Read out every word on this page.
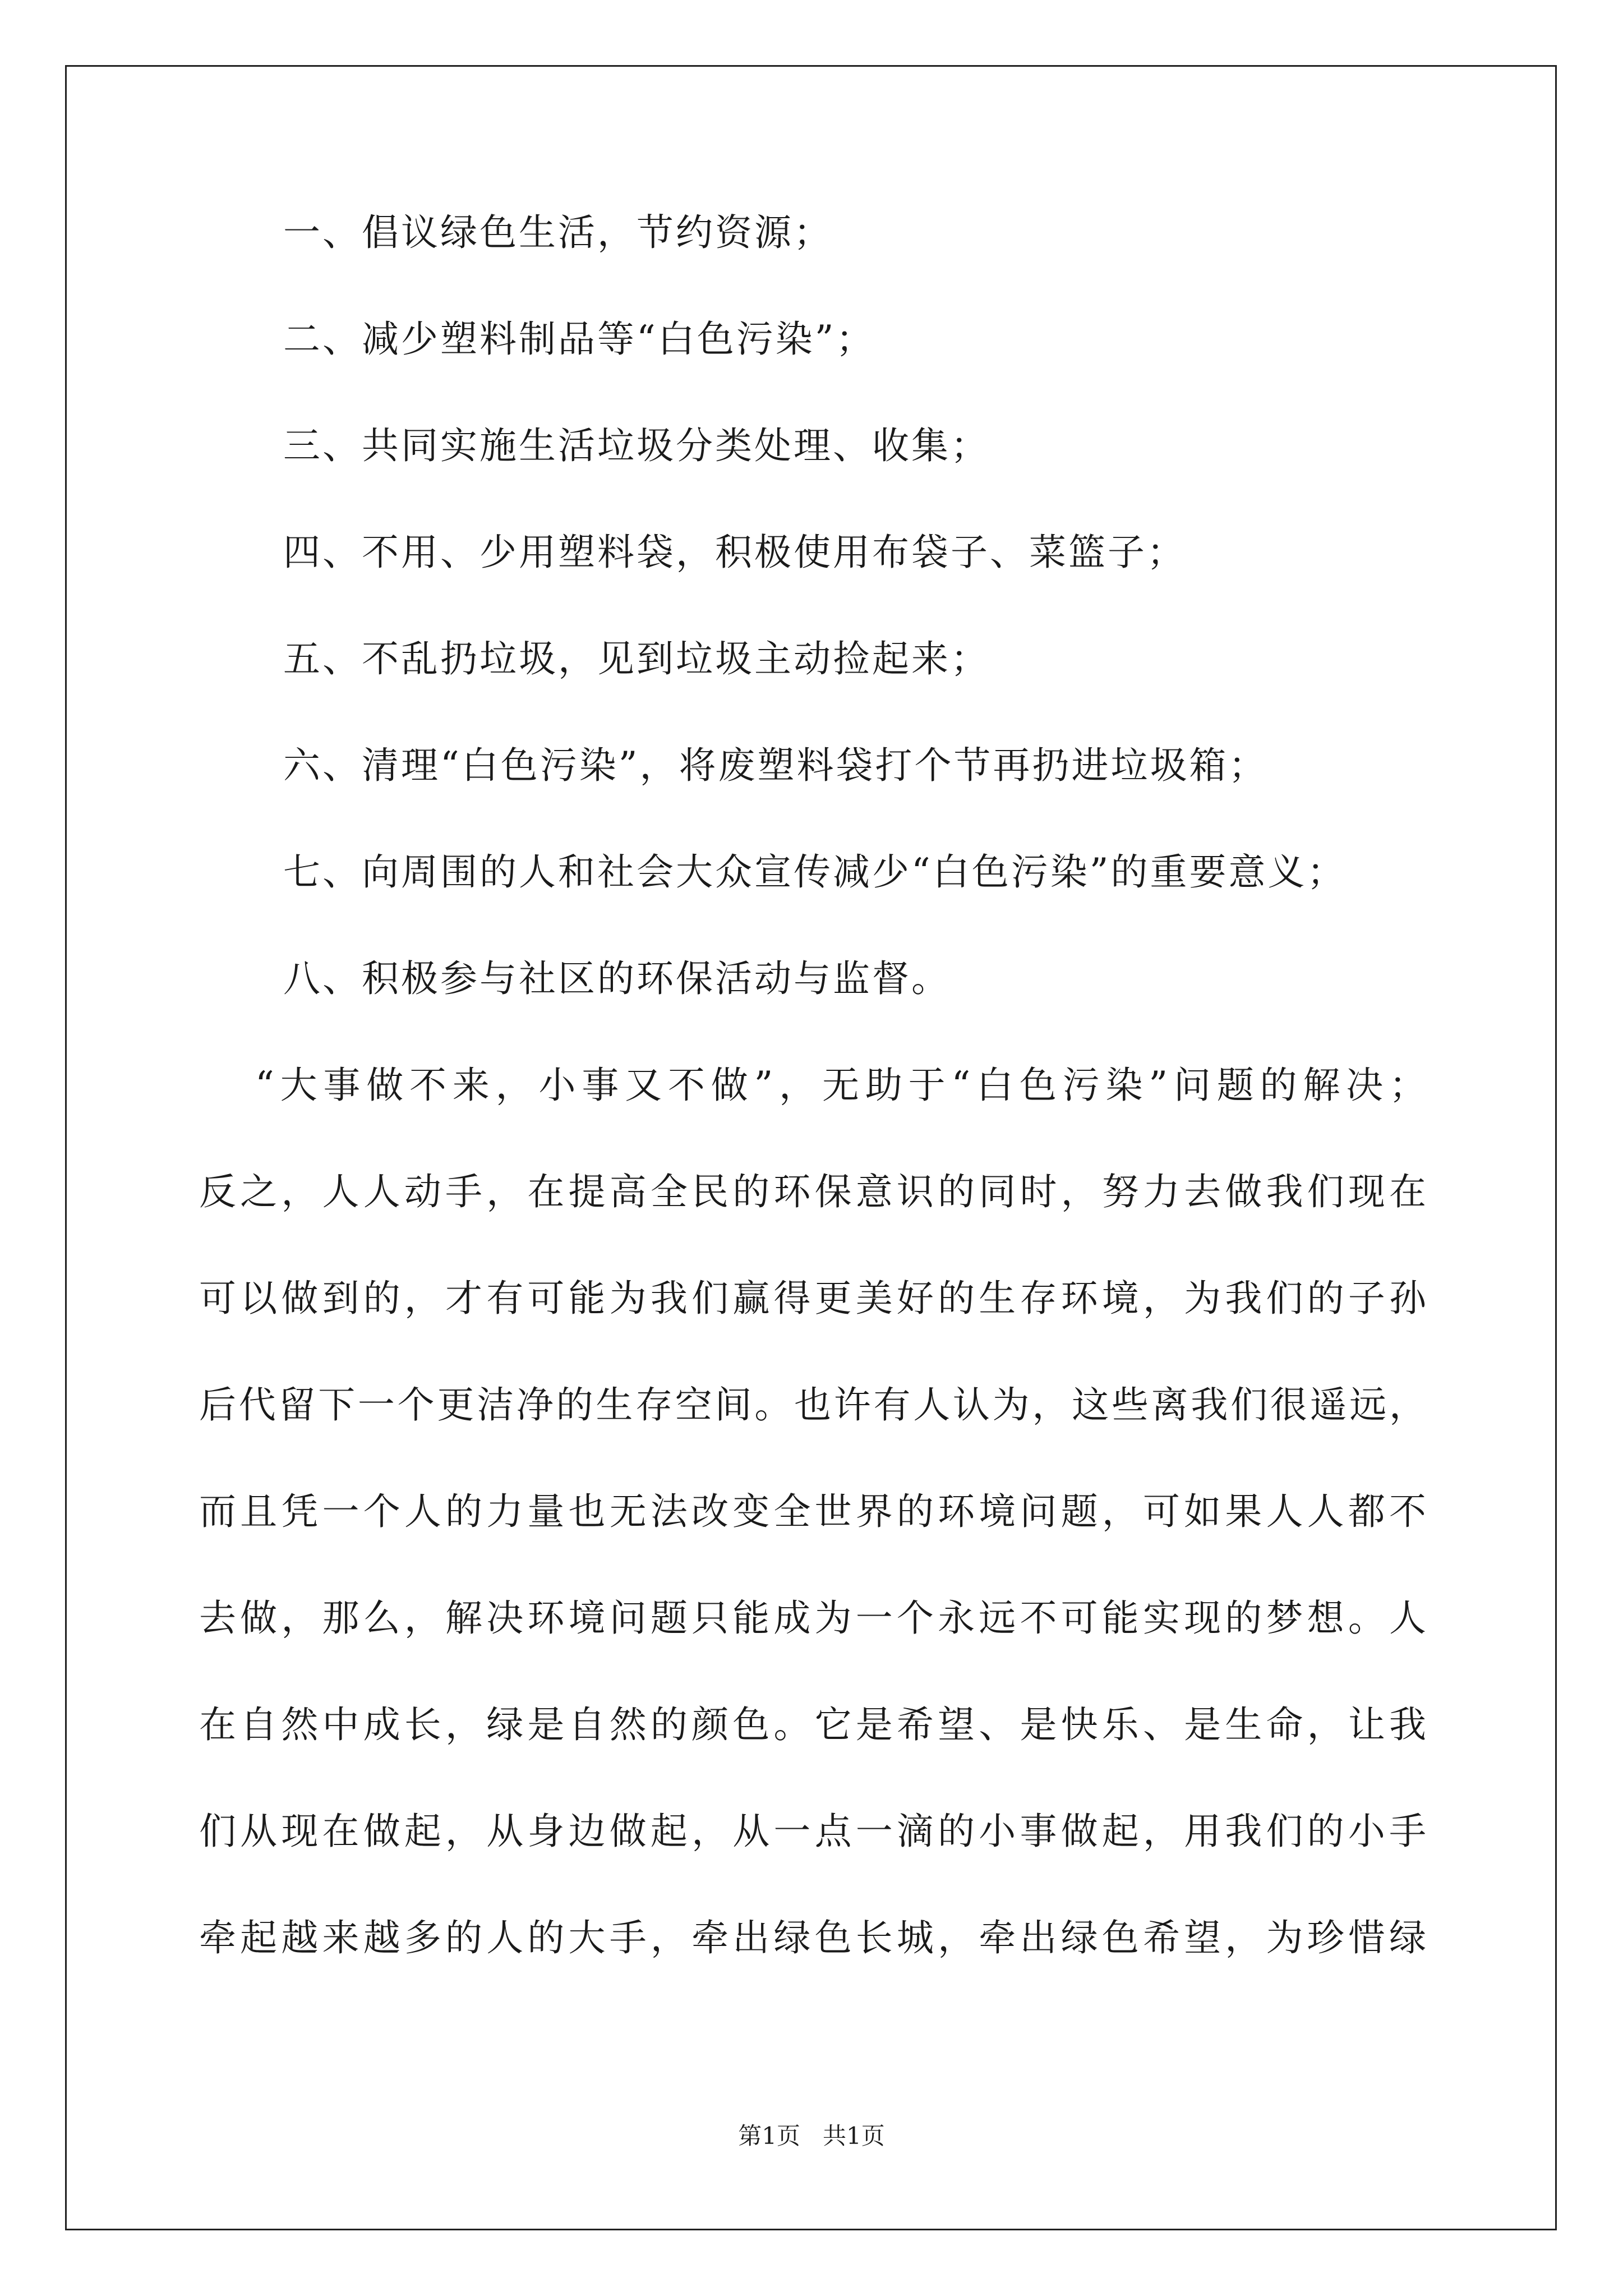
一、倡议绿色生活，节约资源；
二、减少塑料制品等“白色污染”；
三、共同实施生活垃圾分类处理、收集；
四、不用、少用塑料袋，积极使用布袋子、菜篮子；
五、不乱扔垃圾，见到垃圾主动捡起来；
六、清理“白色污染”，将废塑料袋打个节再扔进垃圾箱；
七、向周围的人和社会大众宣传减少“白色污染”的重要意义；
八、积极参与社区的环保活动与监督。
“大事做不来，小事又不做”，无助于“白色污染”问题的解决；
反之，人人动手，在提高全民的环保意识的同时，努力去做我们现在
可以做到的，才有可能为我们赢得更美好的生存环境，为我们的子孙
后代留下一个更洁净的生存空间。也许有人认为，这些离我们很遥远，
而且凭一个人的力量也无法改变全世界的环境问题，可如果人人都不
去做，那么，解决环境问题只能成为一个永远不可能实现的梦想。人
在自然中成长，绿是自然的颜色。它是希望、是快乐、是生命，让我
们从现在做起，从身边做起，从一点一滴的小事做起，用我们的小手
牵起越来越多的人的大手，牵出绿色长城，牵出绿色希望，为珍惜绿
第1页   共1页
